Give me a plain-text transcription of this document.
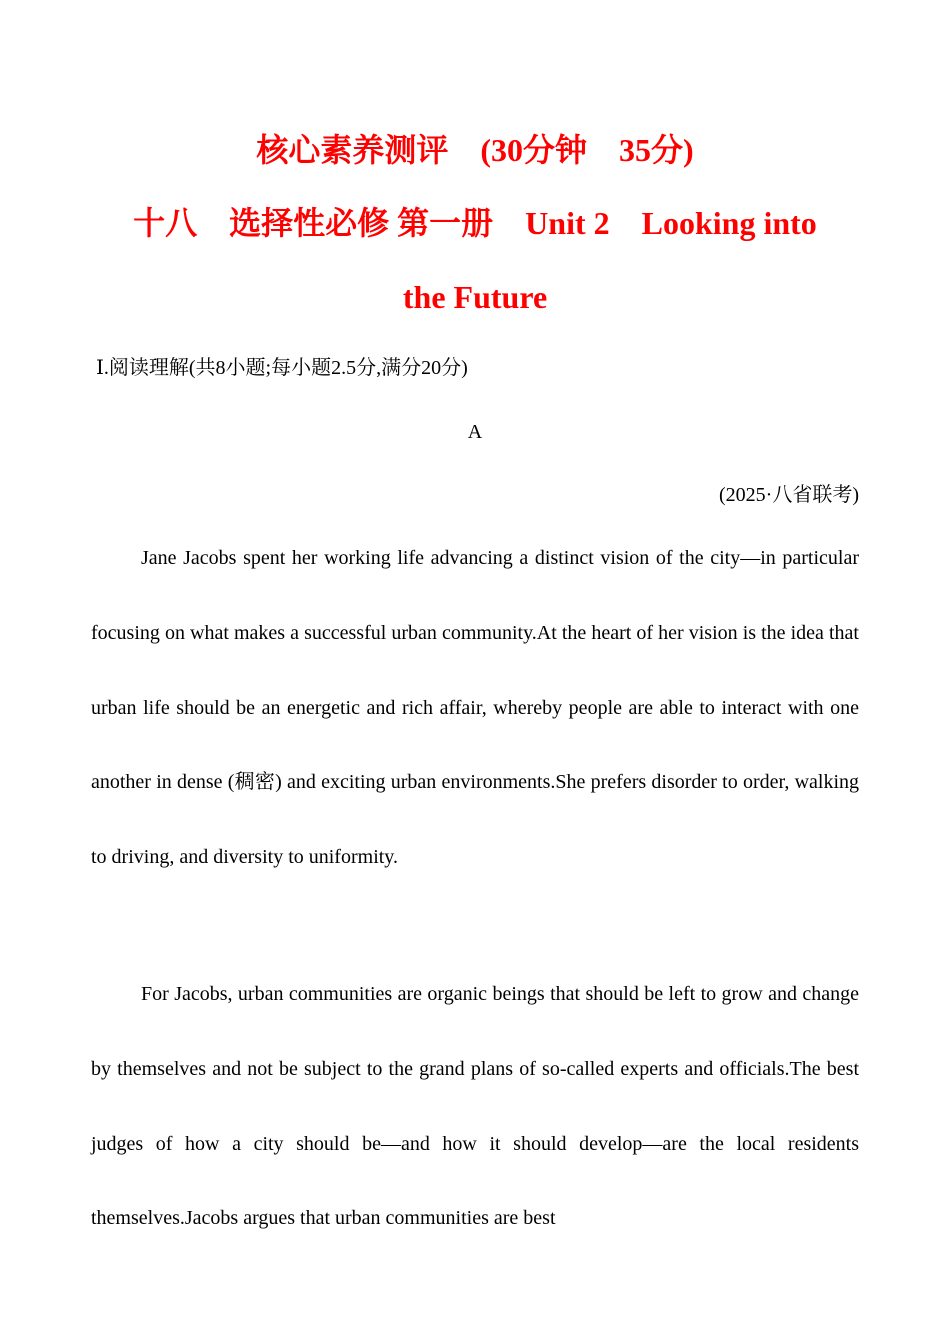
核心素养测评　(30分钟　35分)
十八　选择性必修 第一册　Unit 2　Looking into
the Future
Ⅰ.阅读理解(共8小题;每小题2.5分,满分20分)
A
(2025·八省联考)

Jane Jacobs spent her working life advancing a distinct vision of the city—in particular focusing on what makes a successful urban community.At the heart of her vision is the idea that urban life should be an energetic and rich affair, whereby people are able to interact with one another in dense (稠密) and exciting urban environments.She prefers disorder to order, walking to driving, and diversity to uniformity.

For Jacobs, urban communities are organic beings that should be left to grow and change by themselves and not be subject to the grand plans of so-called experts and officials.The best judges of how a city should be—and how it should develop—are the local residents themselves.Jacobs argues that urban communities are best
